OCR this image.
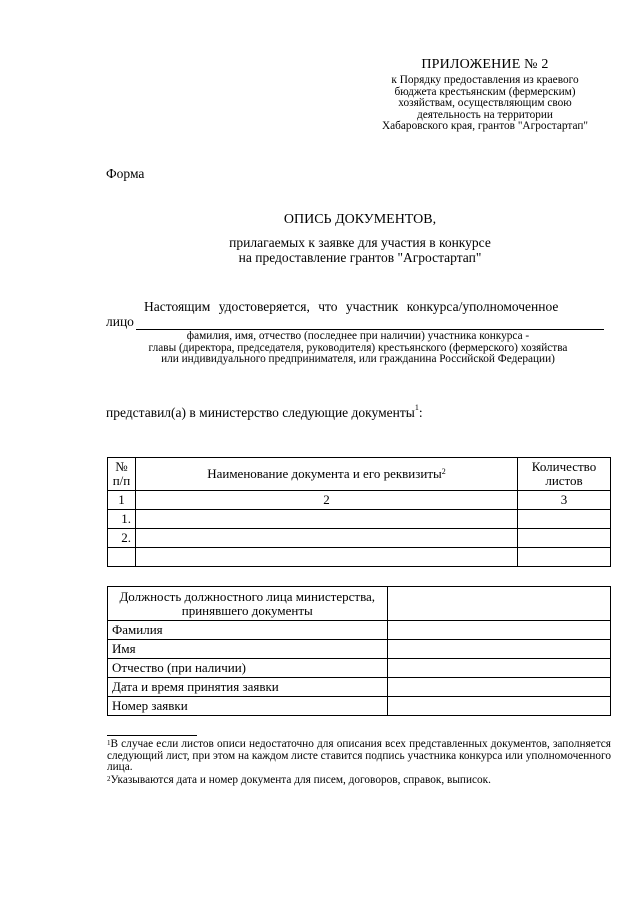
ПРИЛОЖЕНИЕ № 2
к Порядку предоставления из краевого
бюджета крестьянским (фермерским)
хозяйствам, осуществляющим свою
деятельность на территории
Хабаровского края, грантов "Агростартап"
Форма
ОПИСЬ ДОКУМЕНТОВ,
прилагаемых к заявке для участия в конкурсе
на предоставление грантов "Агростартап"
Настоящим удостоверяется, что участник конкурса/уполномоченное
лицо
фамилия, имя, отчество (последнее при наличии) участника конкурса -
главы (директора, председателя, руководителя) крестьянского (фермерского) хозяйства
или индивидуального предпринимателя, или гражданина Российской Федерации)
представил(а) в министерство следующие документы$^1$:
№ п/п	Наименование документа и его реквизиты$^2$	Количество листов
1	2	3
1.		
2.		

Должность должностного лица министерства, принявшего документы	
Фамилия	
Имя	
Отчество (при наличии)	
Дата и время принятия заявки	
Номер заявки	
$^1$В случае если листов описи недостаточно для описания всех представленных документов, заполняется следующий лист, при этом на каждом листе ставится подпись участника конкурса или уполномоченного лица.
$^2$Указываются дата и номер документа для писем, договоров, справок, выписок.
